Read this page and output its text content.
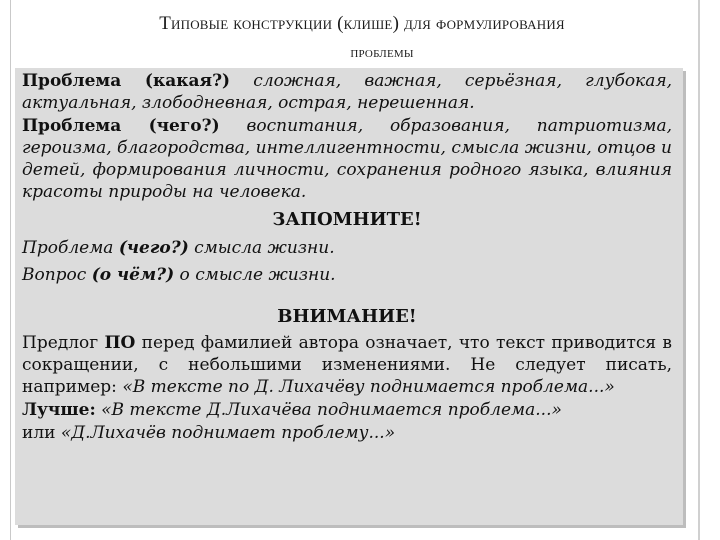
Типовые конструкции (клише) для формулирования
проблемы

Проблема (какая?) сложная, важная, серьёзная, глубокая, актуальная, злободневная, острая, нерешенная.

Проблема (чего?) воспитания, образования, патриотизма, героизма, благородства, интеллигентности, смысла жизни, отцов и детей, формирования личности, сохранения родного языка, влияния красоты природы на человека.

ЗАПОМНИТЕ!

Проблема (чего?) смысла жизни.

Вопрос (о чём?) о смысле жизни.

ВНИМАНИЕ!

Предлог ПО перед фамилией автора означает, что текст приводится в сокращении, с небольшими изменениями. Не следует писать, например: «В тексте по Д. Лихачёву поднимается проблема...»

Лучше: «В тексте Д.Лихачёва поднимается проблема...»

или «Д.Лихачёв поднимает проблему...»
